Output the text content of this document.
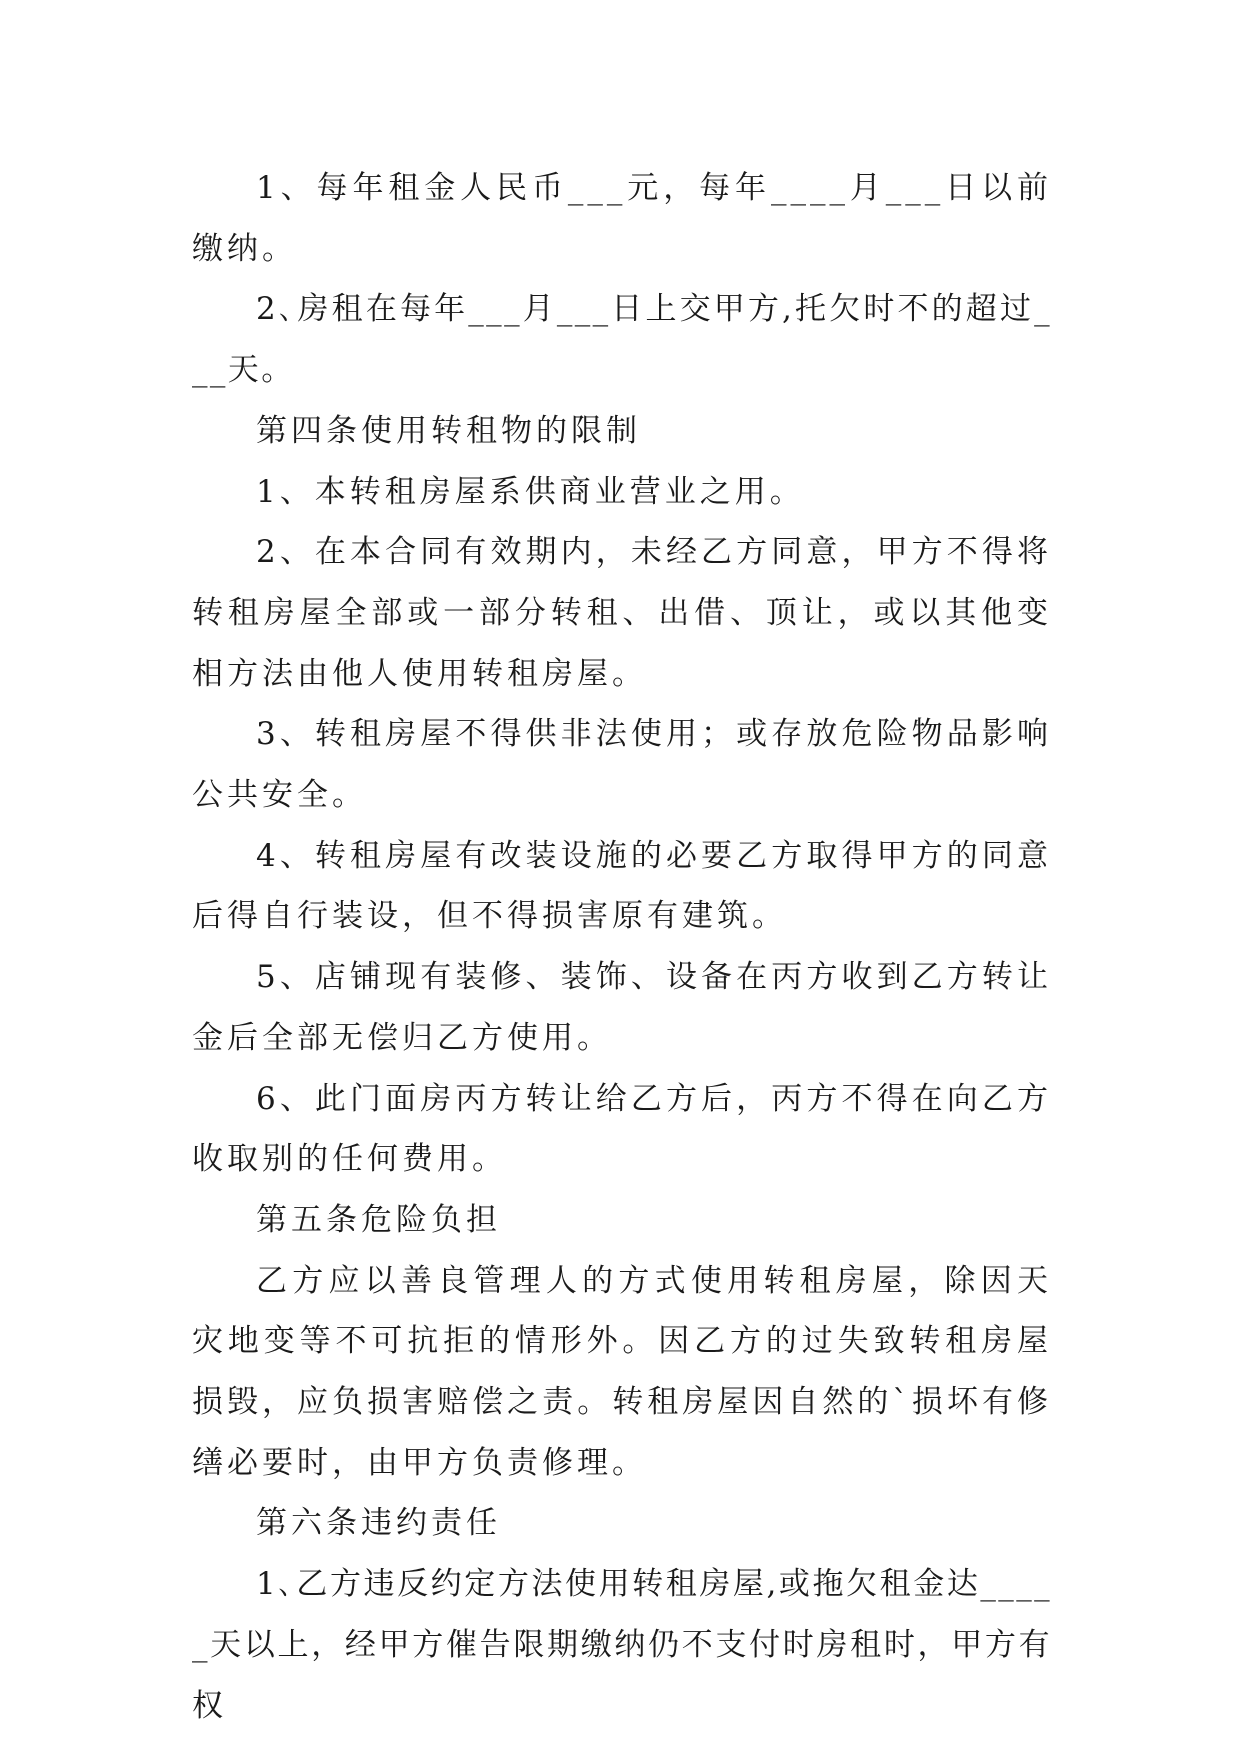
1、每年租金人民币___元，每年____月___日以前缴纳。

2､房租在每年___月___日上交甲方,托欠时不的超过___天。

第四条使用转租物的限制

1、本转租房屋系供商业营业之用。

2、在本合同有效期内，未经乙方同意，甲方不得将转租房屋全部或一部分转租、出借、顶让，或以其他变相方法由他人使用转租房屋。

3、转租房屋不得供非法使用；或存放危险物品影响公共安全。

4、转租房屋有改装设施的必要乙方取得甲方的同意后得自行装设，但不得损害原有建筑。

5、店铺现有装修、装饰、设备在丙方收到乙方转让金后全部无偿归乙方使用。

6、此门面房丙方转让给乙方后，丙方不得在向乙方收取别的任何费用。

第五条危险负担

乙方应以善良管理人的方式使用转租房屋，除因天灾地变等不可抗拒的情形外。因乙方的过失致转租房屋损毁，应负损害赔偿之责。转租房屋因自然的`损坏有修缮必要时，由甲方负责修理。

第六条违约责任

1､乙方违反约定方法使用转租房屋,或拖欠租金达_____天以上，经甲方催告限期缴纳仍不支付时房租时，甲方有权
